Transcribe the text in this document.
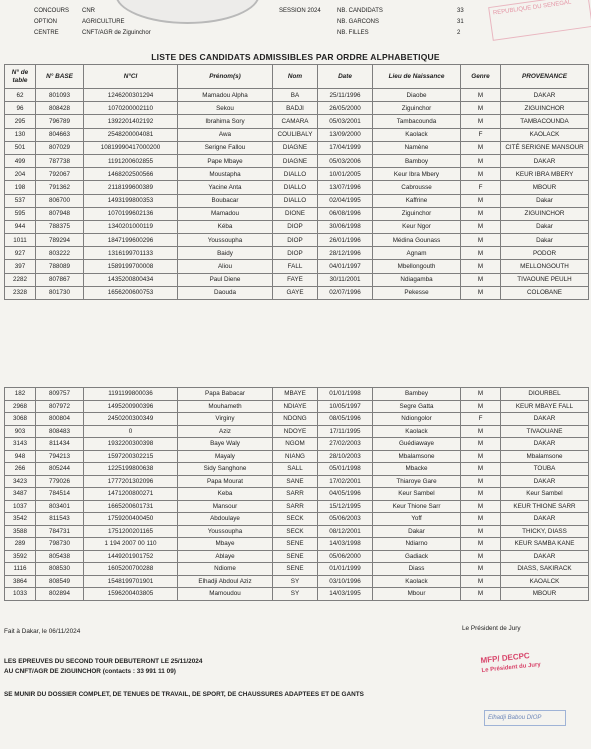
CONCOURS	CNR
OPTION	AGRICULTURE
CENTRE	CNFT/AGR de Ziguinchor
SESSION 2024	NB. CANDIDATS	33
NB. GARCONS	31
NB. FILLES	2
REPUBLIQUE DU SENEGAL
LISTE DES CANDIDATS ADMISSIBLES PAR ORDRE ALPHABETIQUE
N° de table	N° BASE	N°CI	Prénom(s)	Nom	Date	Lieu de Naissance	Genre	PROVENANCE
62	801093	1246200301294	Mamadou Alpha	BA	25/11/1996	Diaobe	M	DAKAR
96	808428	1070200002110	Sekou	BADJI	26/05/2000	Ziguinchor	M	ZIGUINCHOR
295	796789	1392201402192	Ibrahima Sory	CAMARA	05/03/2001	Tambacounda	M	TAMBACOUNDA
130	804663	2548200004081	Awa	COULIBALY	13/09/2000	Kaolack	F	KAOLACK
501	807029	10819990417000200	Serigne Fallou	DIAGNE	17/04/1999	Namène	M	CITÉ SERIGNE MANSOUR
499	787738	1191200602855	Pape Mbaye	DIAGNE	05/03/2006	Bamboy	M	DAKAR
204	792067	1468202500566	Moustapha	DIALLO	10/01/2005	Keur Ibra Mbery	M	KEUR IBRA MBERY
198	791362	2118199600389	Yacine Anta	DIALLO	13/07/1996	Cabrousse	F	MBOUR
537	806700	1493199800353	Boubacar	DIALLO	02/04/1995	Kaffrine	M	Dakar
595	807948	1070199602136	Mamadou	DIONE	06/08/1996	Ziguinchor	M	ZIGUINCHOR
944	788375	1340201000119	Kéba	DIOP	30/06/1998	Keur Ngor	M	Dakar
1011	789294	1847199600296	Youssoupha	DIOP	26/01/1996	Médina Gounass	M	Dakar
927	803222	1316199701133	Baidy	DIOP	28/12/1996	Agnam	M	PODOR
397	788089	1589199700008	Aliou	FALL	04/01/1997	Mbellongouth	M	MELLONGOUTH
2282	807867	1435200800434	Paul Diene	FAYE	30/11/2001	Ndiagamba	M	TIVAOUNE PEULH
2328	801730	1656200600753	Daouda	GAYE	02/07/1996	Pekesse	M	COLOBANE
182	809757	1191199800036	Papa Babacar	MBAYE	01/01/1998	Bambey	M	DIOURBEL
2968	807972	1495200900396	Mouhameth	NDIAYE	10/05/1997	Segre Gatta	M	KEUR MBAYE FALL
3068	800804	2450200300349	Virginy	NDONG	08/05/1996	Ndiongolor	F	DAKAR
903	808483	0	Aziz	NDOYE	17/11/1995	Kaolack	M	TIVAOUANE
3143	811434	1932200300398	Baye Waly	NGOM	27/02/2003	Guédiawaye	M	DAKAR
948	794213	1597200302215	Mayaly	NIANG	28/10/2003	Mbalamsone	M	Mbalamsone
266	805244	1225199800638	Sidy Sanghone	SALL	05/01/1998	Mbacke	M	TOUBA
3423	779026	1777201302096	Papa Mourat	SANE	17/02/2001	Thiaroye Gare	M	DAKAR
3487	784514	1471200800271	Keba	SARR	04/05/1996	Keur Sambel	M	Keur Sambel
1037	803401	1665200601731	Mansour	SARR	15/12/1995	Keur Thione Sarr	M	KEUR THIONE SARR
3542	811543	1759200400450	Abdoulaye	SECK	05/06/2003	Yoff	M	DAKAR
3588	784731	1751200201165	Youssoupha	SECK	08/12/2001	Dakar	M	THICKY, DIASS
289	798730	1 194 2007 00 110	Mbaye	SENE	14/03/1998	Ndiarno	M	KEUR SAMBA KANE
3592	805438	1449201901752	Ablaye	SENE	05/06/2000	Gadiack	M	DAKAR
1116	808530	1605200700288	Ndiome	SENE	01/01/1999	Diass	M	DIASS, SAKIRACK
3864	808549	1548199701901	Elhadji Abdoul Aziz	SY	03/10/1996	Kaolack	M	KAOALCK
1033	802894	1596200403805	Mamoudou	SY	14/03/1995	Mbour	M	MBOUR
Fait à Dakar, le 06/11/2024	Le Président de Jury
LES EPREUVES DU SECOND TOUR DEBUTERONT LE 25/11/2024
AU CNFT/AGR DE ZIGUINCHOR (contacts : 33 991 11 09)
SE MUNIR DU DOSSIER COMPLET, DE TENUES DE TRAVAIL, DE SPORT, DE CHAUSSURES ADAPTEES ET DE GANTS
MFP/ DECPC
Le Président du Jury
Elhadji Babou DIOP
